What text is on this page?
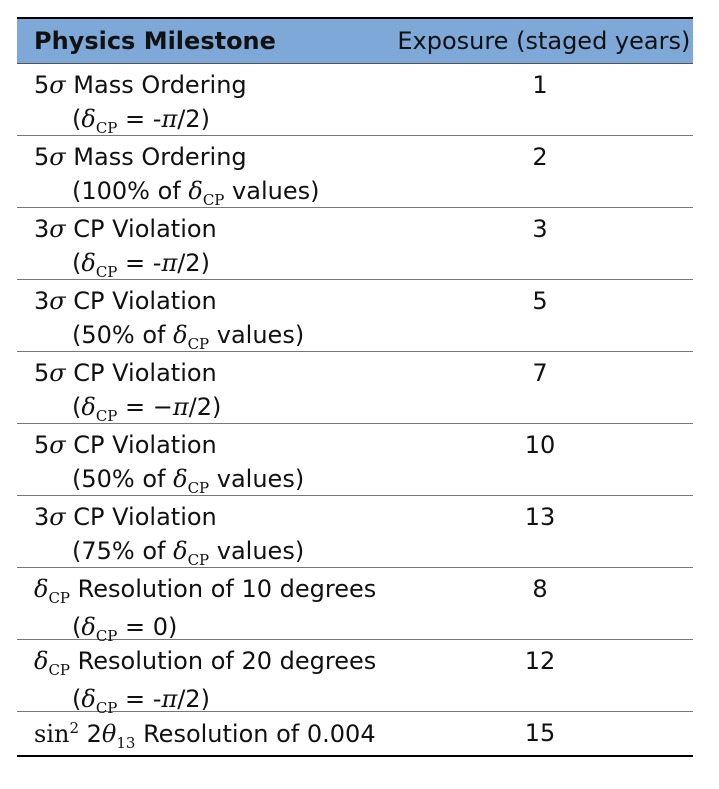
Physics Milestone	Exposure (staged years)
5σ Mass Ordering
$(\delta_{CP} = -\pi/2)$
1
5σ Mass Ordering
(100% of $\delta_{CP}$ values)
2
3σ CP Violation
$(\delta_{CP} = -\pi/2)$
3
3σ CP Violation
(50% of $\delta_{CP}$ values)
5
5σ CP Violation
$(\delta_{CP} = -\pi/2)$
7
5σ CP Violation
(50% of $\delta_{CP}$ values)
10
3σ CP Violation
(75% of $\delta_{CP}$ values)
13
$\delta_{CP}$ Resolution of 10 degrees
$(\delta_{CP} = 0)$
8
$\delta_{CP}$ Resolution of 20 degrees
$(\delta_{CP} = -\pi/2)$
12
$\sin^2 2\theta_{13}$ Resolution of 0.004	15
